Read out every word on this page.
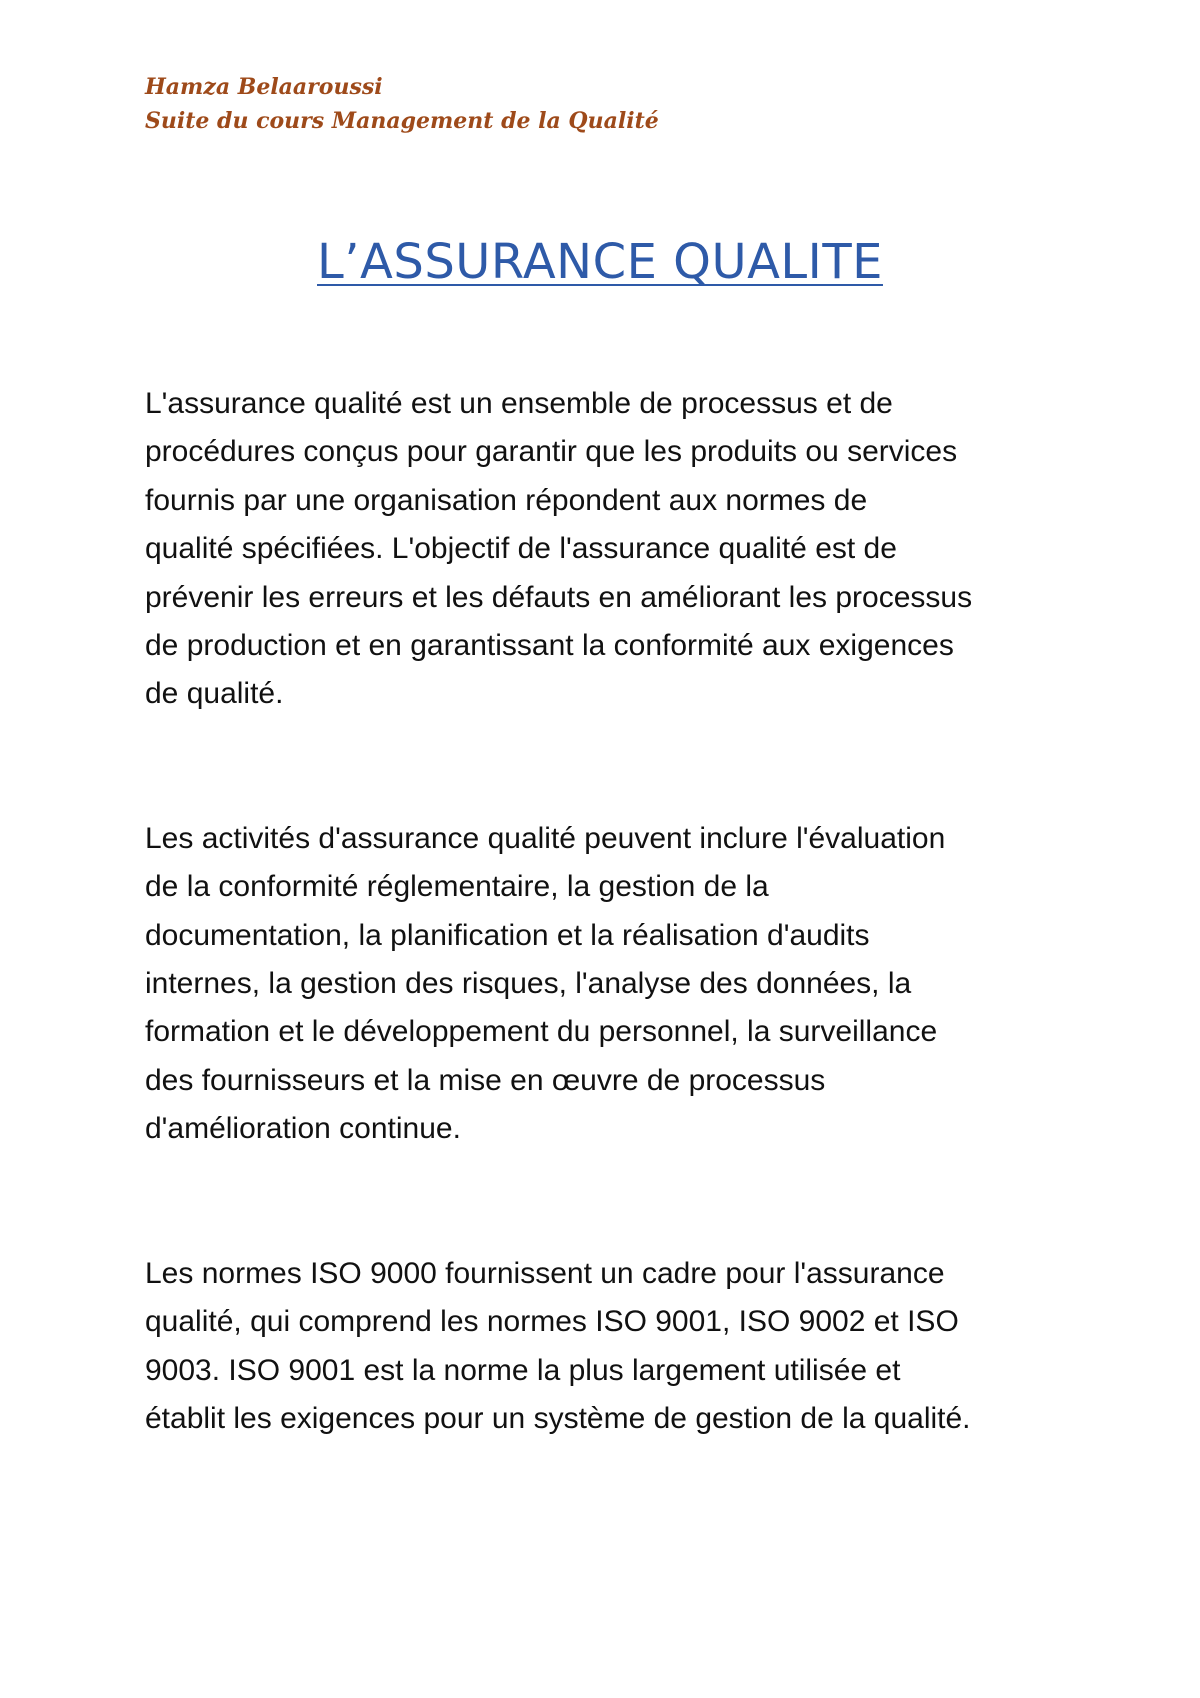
Hamza Belaaroussi
Suite du cours Management de la Qualité
L’ASSURANCE QUALITE
L'assurance qualité est un ensemble de processus et de
procédures conçus pour garantir que les produits ou services
fournis par une organisation répondent aux normes de
qualité spécifiées. L'objectif de l'assurance qualité est de
prévenir les erreurs et les défauts en améliorant les processus
de production et en garantissant la conformité aux exigences
de qualité.
Les activités d'assurance qualité peuvent inclure l'évaluation
de la conformité réglementaire, la gestion de la
documentation, la planification et la réalisation d'audits
internes, la gestion des risques, l'analyse des données, la
formation et le développement du personnel, la surveillance
des fournisseurs et la mise en œuvre de processus
d'amélioration continue.
Les normes ISO 9000 fournissent un cadre pour l'assurance
qualité, qui comprend les normes ISO 9001, ISO 9002 et ISO
9003. ISO 9001 est la norme la plus largement utilisée et
établit les exigences pour un système de gestion de la qualité.
